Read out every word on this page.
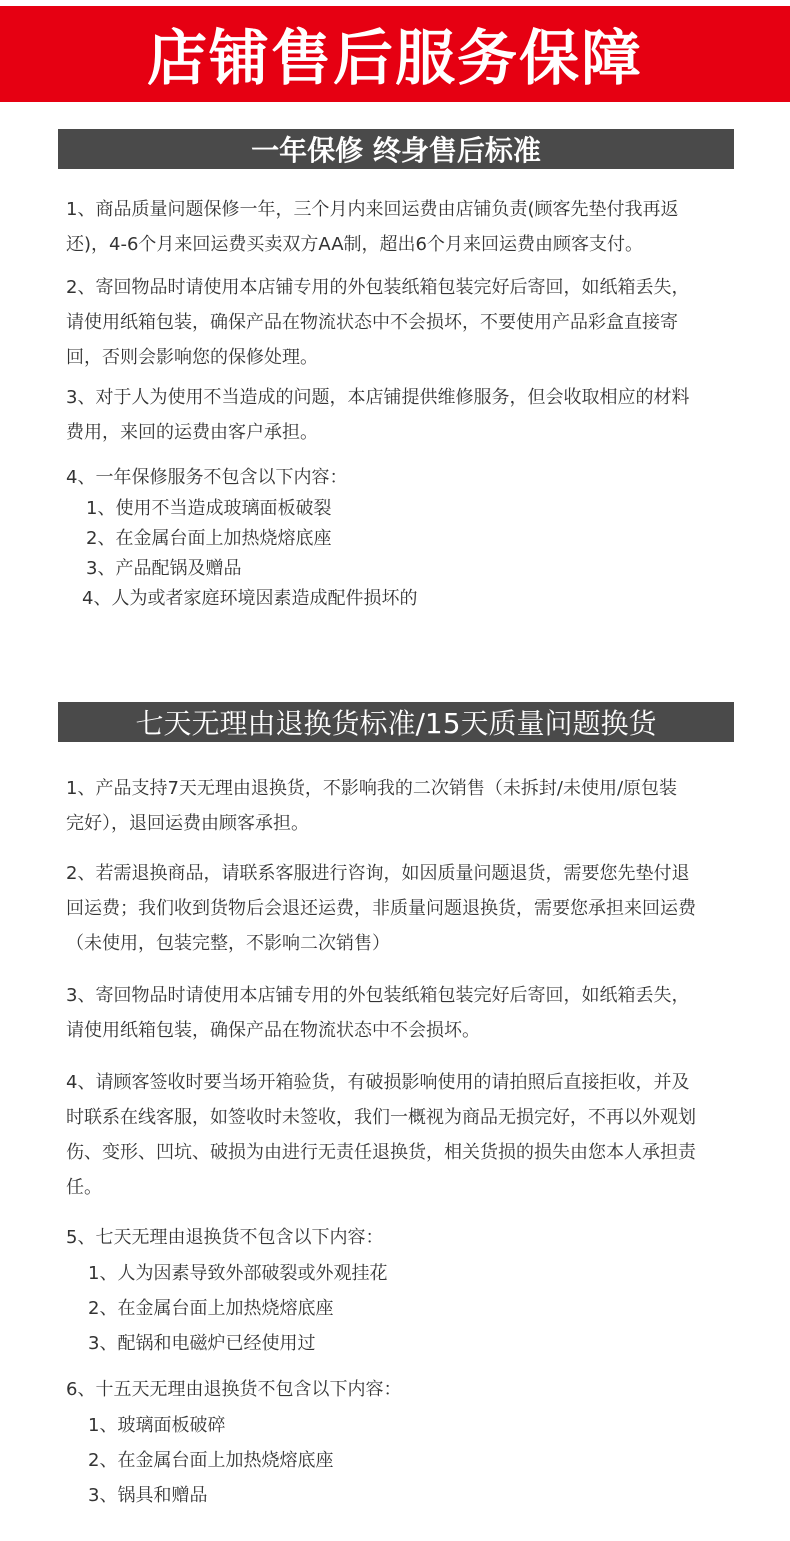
店铺售后服务保障
一年保修 终身售后标准
1、商品质量问题保修一年，三个月内来回运费由店铺负责(顾客先垫付我再返
还)，4-6个月来回运费买卖双方AA制，超出6个月来回运费由顾客支付。
2、寄回物品时请使用本店铺专用的外包装纸箱包装完好后寄回，如纸箱丢失，
请使用纸箱包装，确保产品在物流状态中不会损坏，不要使用产品彩盒直接寄
回，否则会影响您的保修处理。
3、对于人为使用不当造成的问题，本店铺提供维修服务，但会收取相应的材料
费用，来回的运费由客户承担。
4、一年保修服务不包含以下内容：
1、使用不当造成玻璃面板破裂
2、在金属台面上加热烧熔底座
3、产品配锅及赠品
4、人为或者家庭环境因素造成配件损坏的
七天无理由退换货标准/15天质量问题换货
1、产品支持7天无理由退换货，不影响我的二次销售（未拆封/未使用/原包装
完好），退回运费由顾客承担。
2、若需退换商品，请联系客服进行咨询，如因质量问题退货，需要您先垫付退
回运费；我们收到货物后会退还运费，非质量问题退换货，需要您承担来回运费
（未使用，包装完整，不影响二次销售）
3、寄回物品时请使用本店铺专用的外包装纸箱包装完好后寄回，如纸箱丢失，
请使用纸箱包装，确保产品在物流状态中不会损坏。
4、请顾客签收时要当场开箱验货，有破损影响使用的请拍照后直接拒收，并及
时联系在线客服，如签收时未签收，我们一概视为商品无损完好，不再以外观划
伤、变形、凹坑、破损为由进行无责任退换货，相关货损的损失由您本人承担责
任。
5、七天无理由退换货不包含以下内容：
1、人为因素导致外部破裂或外观挂花
2、在金属台面上加热烧熔底座
3、配锅和电磁炉已经使用过
6、十五天无理由退换货不包含以下内容：
1、玻璃面板破碎
2、在金属台面上加热烧熔底座
3、锅具和赠品
